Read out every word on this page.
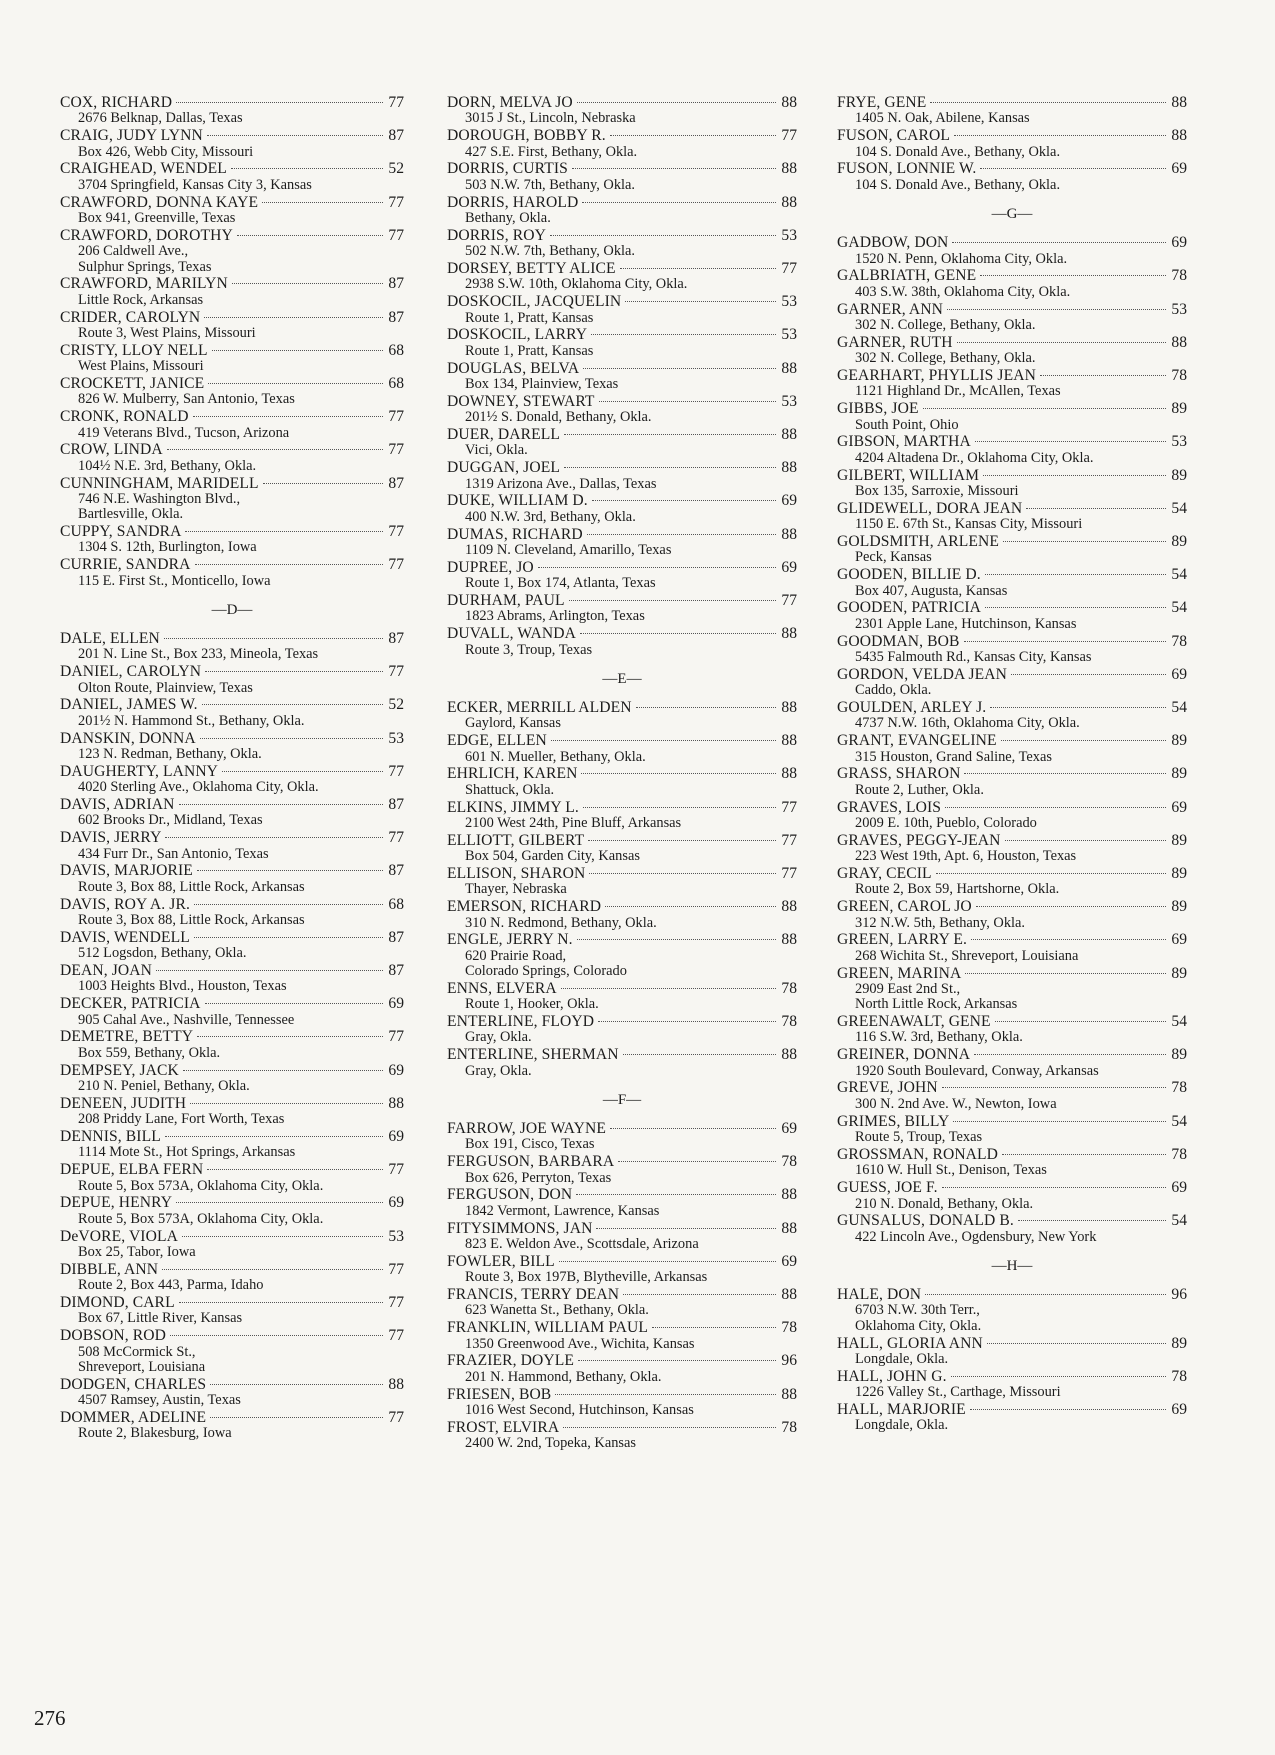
COX, RICHARD	77
2676 Belknap, Dallas, Texas
CRAIG, JUDY LYNN	87
Box 426, Webb City, Missouri
CRAIGHEAD, WENDEL	52
3704 Springfield, Kansas City 3, Kansas
CRAWFORD, DONNA KAYE	77
Box 941, Greenville, Texas
CRAWFORD, DOROTHY	77
206 Caldwell Ave.,
Sulphur Springs, Texas
CRAWFORD, MARILYN	87
Little Rock, Arkansas
CRIDER, CAROLYN	87
Route 3, West Plains, Missouri
CRISTY, LLOY NELL	68
West Plains, Missouri
CROCKETT, JANICE	68
826 W. Mulberry, San Antonio, Texas
CRONK, RONALD	77
419 Veterans Blvd., Tucson, Arizona
CROW, LINDA	77
104½ N.E. 3rd, Bethany, Okla.
CUNNINGHAM, MARIDELL	87
746 N.E. Washington Blvd.,
Bartlesville, Okla.
CUPPY, SANDRA	77
1304 S. 12th, Burlington, Iowa
CURRIE, SANDRA	77
115 E. First St., Monticello, Iowa
—D—
DALE, ELLEN	87
201 N. Line St., Box 233, Mineola, Texas
DANIEL, CAROLYN	77
Olton Route, Plainview, Texas
DANIEL, JAMES W.	52
201½ N. Hammond St., Bethany, Okla.
DANSKIN, DONNA	53
123 N. Redman, Bethany, Okla.
DAUGHERTY, LANNY	77
4020 Sterling Ave., Oklahoma City, Okla.
DAVIS, ADRIAN	87
602 Brooks Dr., Midland, Texas
DAVIS, JERRY	77
434 Furr Dr., San Antonio, Texas
DAVIS, MARJORIE	87
Route 3, Box 88, Little Rock, Arkansas
DAVIS, ROY A. JR.	68
Route 3, Box 88, Little Rock, Arkansas
DAVIS, WENDELL	87
512 Logsdon, Bethany, Okla.
DEAN, JOAN	87
1003 Heights Blvd., Houston, Texas
DECKER, PATRICIA	69
905 Cahal Ave., Nashville, Tennessee
DEMETRE, BETTY	77
Box 559, Bethany, Okla.
DEMPSEY, JACK	69
210 N. Peniel, Bethany, Okla.
DENEEN, JUDITH	88
208 Priddy Lane, Fort Worth, Texas
DENNIS, BILL	69
1114 Mote St., Hot Springs, Arkansas
DEPUE, ELBA FERN	77
Route 5, Box 573A, Oklahoma City, Okla.
DEPUE, HENRY	69
Route 5, Box 573A, Oklahoma City, Okla.
DeVORE, VIOLA	53
Box 25, Tabor, Iowa
DIBBLE, ANN	77
Route 2, Box 443, Parma, Idaho
DIMOND, CARL	77
Box 67, Little River, Kansas
DOBSON, ROD	77
508 McCormick St.,
Shreveport, Louisiana
DODGEN, CHARLES	88
4507 Ramsey, Austin, Texas
DOMMER, ADELINE	77
Route 2, Blakesburg, Iowa
DORN, MELVA JO	88
3015 J St., Lincoln, Nebraska
DOROUGH, BOBBY R.	77
427 S.E. First, Bethany, Okla.
DORRIS, CURTIS	88
503 N.W. 7th, Bethany, Okla.
DORRIS, HAROLD	88
Bethany, Okla.
DORRIS, ROY	53
502 N.W. 7th, Bethany, Okla.
DORSEY, BETTY ALICE	77
2938 S.W. 10th, Oklahoma City, Okla.
DOSKOCIL, JACQUELIN	53
Route 1, Pratt, Kansas
DOSKOCIL, LARRY	53
Route 1, Pratt, Kansas
DOUGLAS, BELVA	88
Box 134, Plainview, Texas
DOWNEY, STEWART	53
201½ S. Donald, Bethany, Okla.
DUER, DARELL	88
Vici, Okla.
DUGGAN, JOEL	88
1319 Arizona Ave., Dallas, Texas
DUKE, WILLIAM D.	69
400 N.W. 3rd, Bethany, Okla.
DUMAS, RICHARD	88
1109 N. Cleveland, Amarillo, Texas
DUPREE, JO	69
Route 1, Box 174, Atlanta, Texas
DURHAM, PAUL	77
1823 Abrams, Arlington, Texas
DUVALL, WANDA	88
Route 3, Troup, Texas
—E—
ECKER, MERRILL ALDEN	88
Gaylord, Kansas
EDGE, ELLEN	88
601 N. Mueller, Bethany, Okla.
EHRLICH, KAREN	88
Shattuck, Okla.
ELKINS, JIMMY L.	77
2100 West 24th, Pine Bluff, Arkansas
ELLIOTT, GILBERT	77
Box 504, Garden City, Kansas
ELLISON, SHARON	77
Thayer, Nebraska
EMERSON, RICHARD	88
310 N. Redmond, Bethany, Okla.
ENGLE, JERRY N.	88
620 Prairie Road,
Colorado Springs, Colorado
ENNS, ELVERA	78
Route 1, Hooker, Okla.
ENTERLINE, FLOYD	78
Gray, Okla.
ENTERLINE, SHERMAN	88
Gray, Okla.
—F—
FARROW, JOE WAYNE	69
Box 191, Cisco, Texas
FERGUSON, BARBARA	78
Box 626, Perryton, Texas
FERGUSON, DON	88
1842 Vermont, Lawrence, Kansas
FITYSIMMONS, JAN	88
823 E. Weldon Ave., Scottsdale, Arizona
FOWLER, BILL	69
Route 3, Box 197B, Blytheville, Arkansas
FRANCIS, TERRY DEAN	88
623 Wanetta St., Bethany, Okla.
FRANKLIN, WILLIAM PAUL	78
1350 Greenwood Ave., Wichita, Kansas
FRAZIER, DOYLE	96
201 N. Hammond, Bethany, Okla.
FRIESEN, BOB	88
1016 West Second, Hutchinson, Kansas
FROST, ELVIRA	78
2400 W. 2nd, Topeka, Kansas
FRYE, GENE	88
1405 N. Oak, Abilene, Kansas
FUSON, CAROL	88
104 S. Donald Ave., Bethany, Okla.
FUSON, LONNIE W.	69
104 S. Donald Ave., Bethany, Okla.
—G—
GADBOW, DON	69
1520 N. Penn, Oklahoma City, Okla.
GALBRIATH, GENE	78
403 S.W. 38th, Oklahoma City, Okla.
GARNER, ANN	53
302 N. College, Bethany, Okla.
GARNER, RUTH	88
302 N. College, Bethany, Okla.
GEARHART, PHYLLIS JEAN	78
1121 Highland Dr., McAllen, Texas
GIBBS, JOE	89
South Point, Ohio
GIBSON, MARTHA	53
4204 Altadena Dr., Oklahoma City, Okla.
GILBERT, WILLIAM	89
Box 135, Sarroxie, Missouri
GLIDEWELL, DORA JEAN	54
1150 E. 67th St., Kansas City, Missouri
GOLDSMITH, ARLENE	89
Peck, Kansas
GOODEN, BILLIE D.	54
Box 407, Augusta, Kansas
GOODEN, PATRICIA	54
2301 Apple Lane, Hutchinson, Kansas
GOODMAN, BOB	78
5435 Falmouth Rd., Kansas City, Kansas
GORDON, VELDA JEAN	69
Caddo, Okla.
GOULDEN, ARLEY J.	54
4737 N.W. 16th, Oklahoma City, Okla.
GRANT, EVANGELINE	89
315 Houston, Grand Saline, Texas
GRASS, SHARON	89
Route 2, Luther, Okla.
GRAVES, LOIS	69
2009 E. 10th, Pueblo, Colorado
GRAVES, PEGGY-JEAN	89
223 West 19th, Apt. 6, Houston, Texas
GRAY, CECIL	89
Route 2, Box 59, Hartshorne, Okla.
GREEN, CAROL JO	89
312 N.W. 5th, Bethany, Okla.
GREEN, LARRY E.	69
268 Wichita St., Shreveport, Louisiana
GREEN, MARINA	89
2909 East 2nd St.,
North Little Rock, Arkansas
GREENAWALT, GENE	54
116 S.W. 3rd, Bethany, Okla.
GREINER, DONNA	89
1920 South Boulevard, Conway, Arkansas
GREVE, JOHN	78
300 N. 2nd Ave. W., Newton, Iowa
GRIMES, BILLY	54
Route 5, Troup, Texas
GROSSMAN, RONALD	78
1610 W. Hull St., Denison, Texas
GUESS, JOE F.	69
210 N. Donald, Bethany, Okla.
GUNSALUS, DONALD B.	54
422 Lincoln Ave., Ogdensbury, New York
—H—
HALE, DON	96
6703 N.W. 30th Terr.,
Oklahoma City, Okla.
HALL, GLORIA ANN	89
Longdale, Okla.
HALL, JOHN G.	78
1226 Valley St., Carthage, Missouri
HALL, MARJORIE	69
Longdale, Okla.
276
